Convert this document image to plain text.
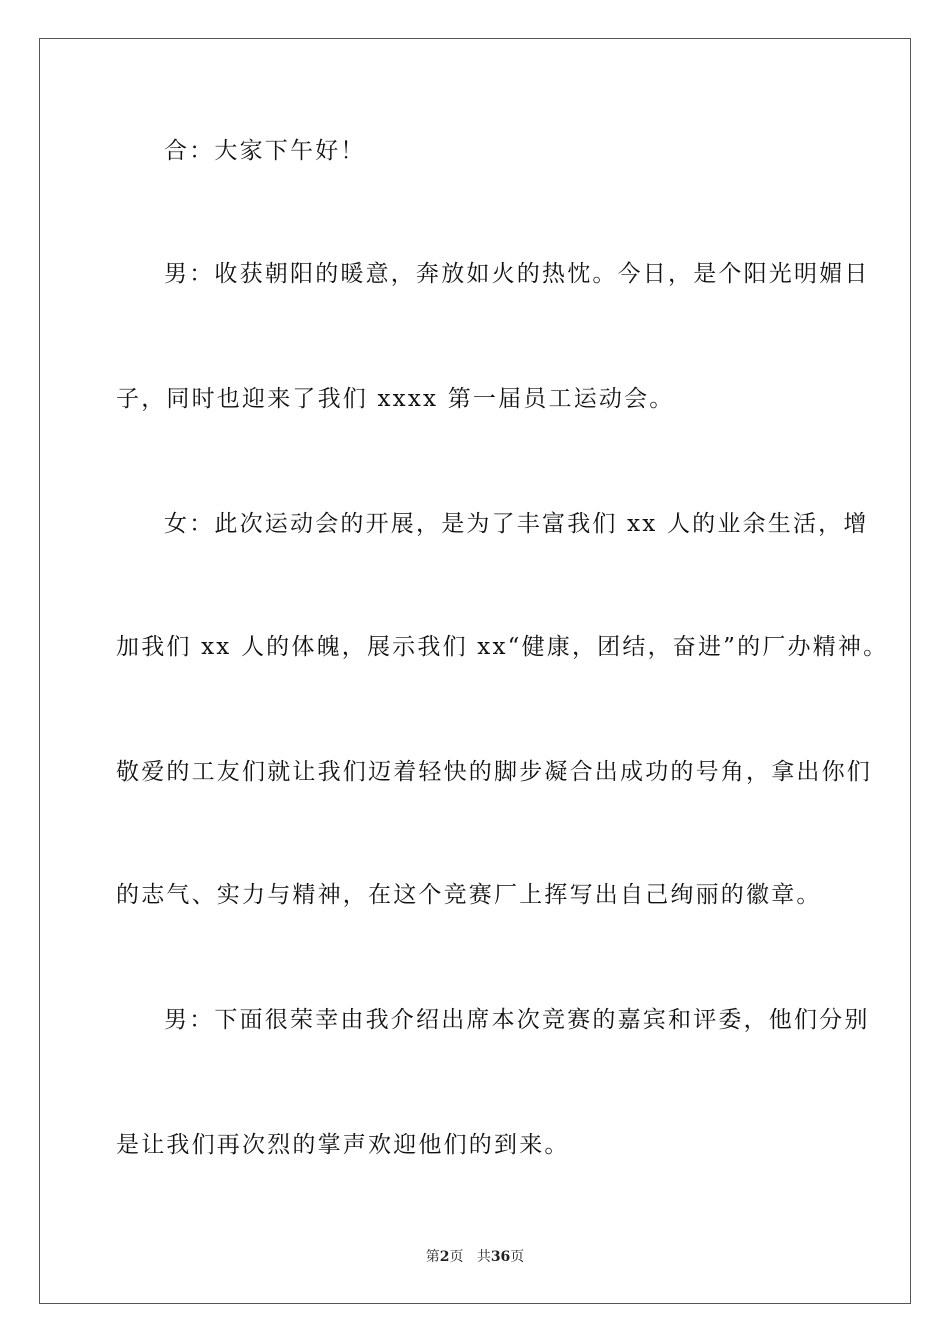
合：大家下午好！
男：收获朝阳的暖意，奔放如火的热忱。今日，是个阳光明媚日
子，同时也迎来了我们 xxxx 第一届员工运动会。
女：此次运动会的开展，是为了丰富我们 xx 人的业余生活，增
加我们 xx 人的体魄，展示我们 xx“健康，团结，奋进”的厂办精神。
敬爱的工友们就让我们迈着轻快的脚步凝合出成功的号角，拿出你们
的志气、实力与精神，在这个竞赛厂上挥写出自己绚丽的徽章。
男：下面很荣幸由我介绍出席本次竞赛的嘉宾和评委，他们分别
是让我们再次烈的掌声欢迎他们的到来。
第2页 共36页
